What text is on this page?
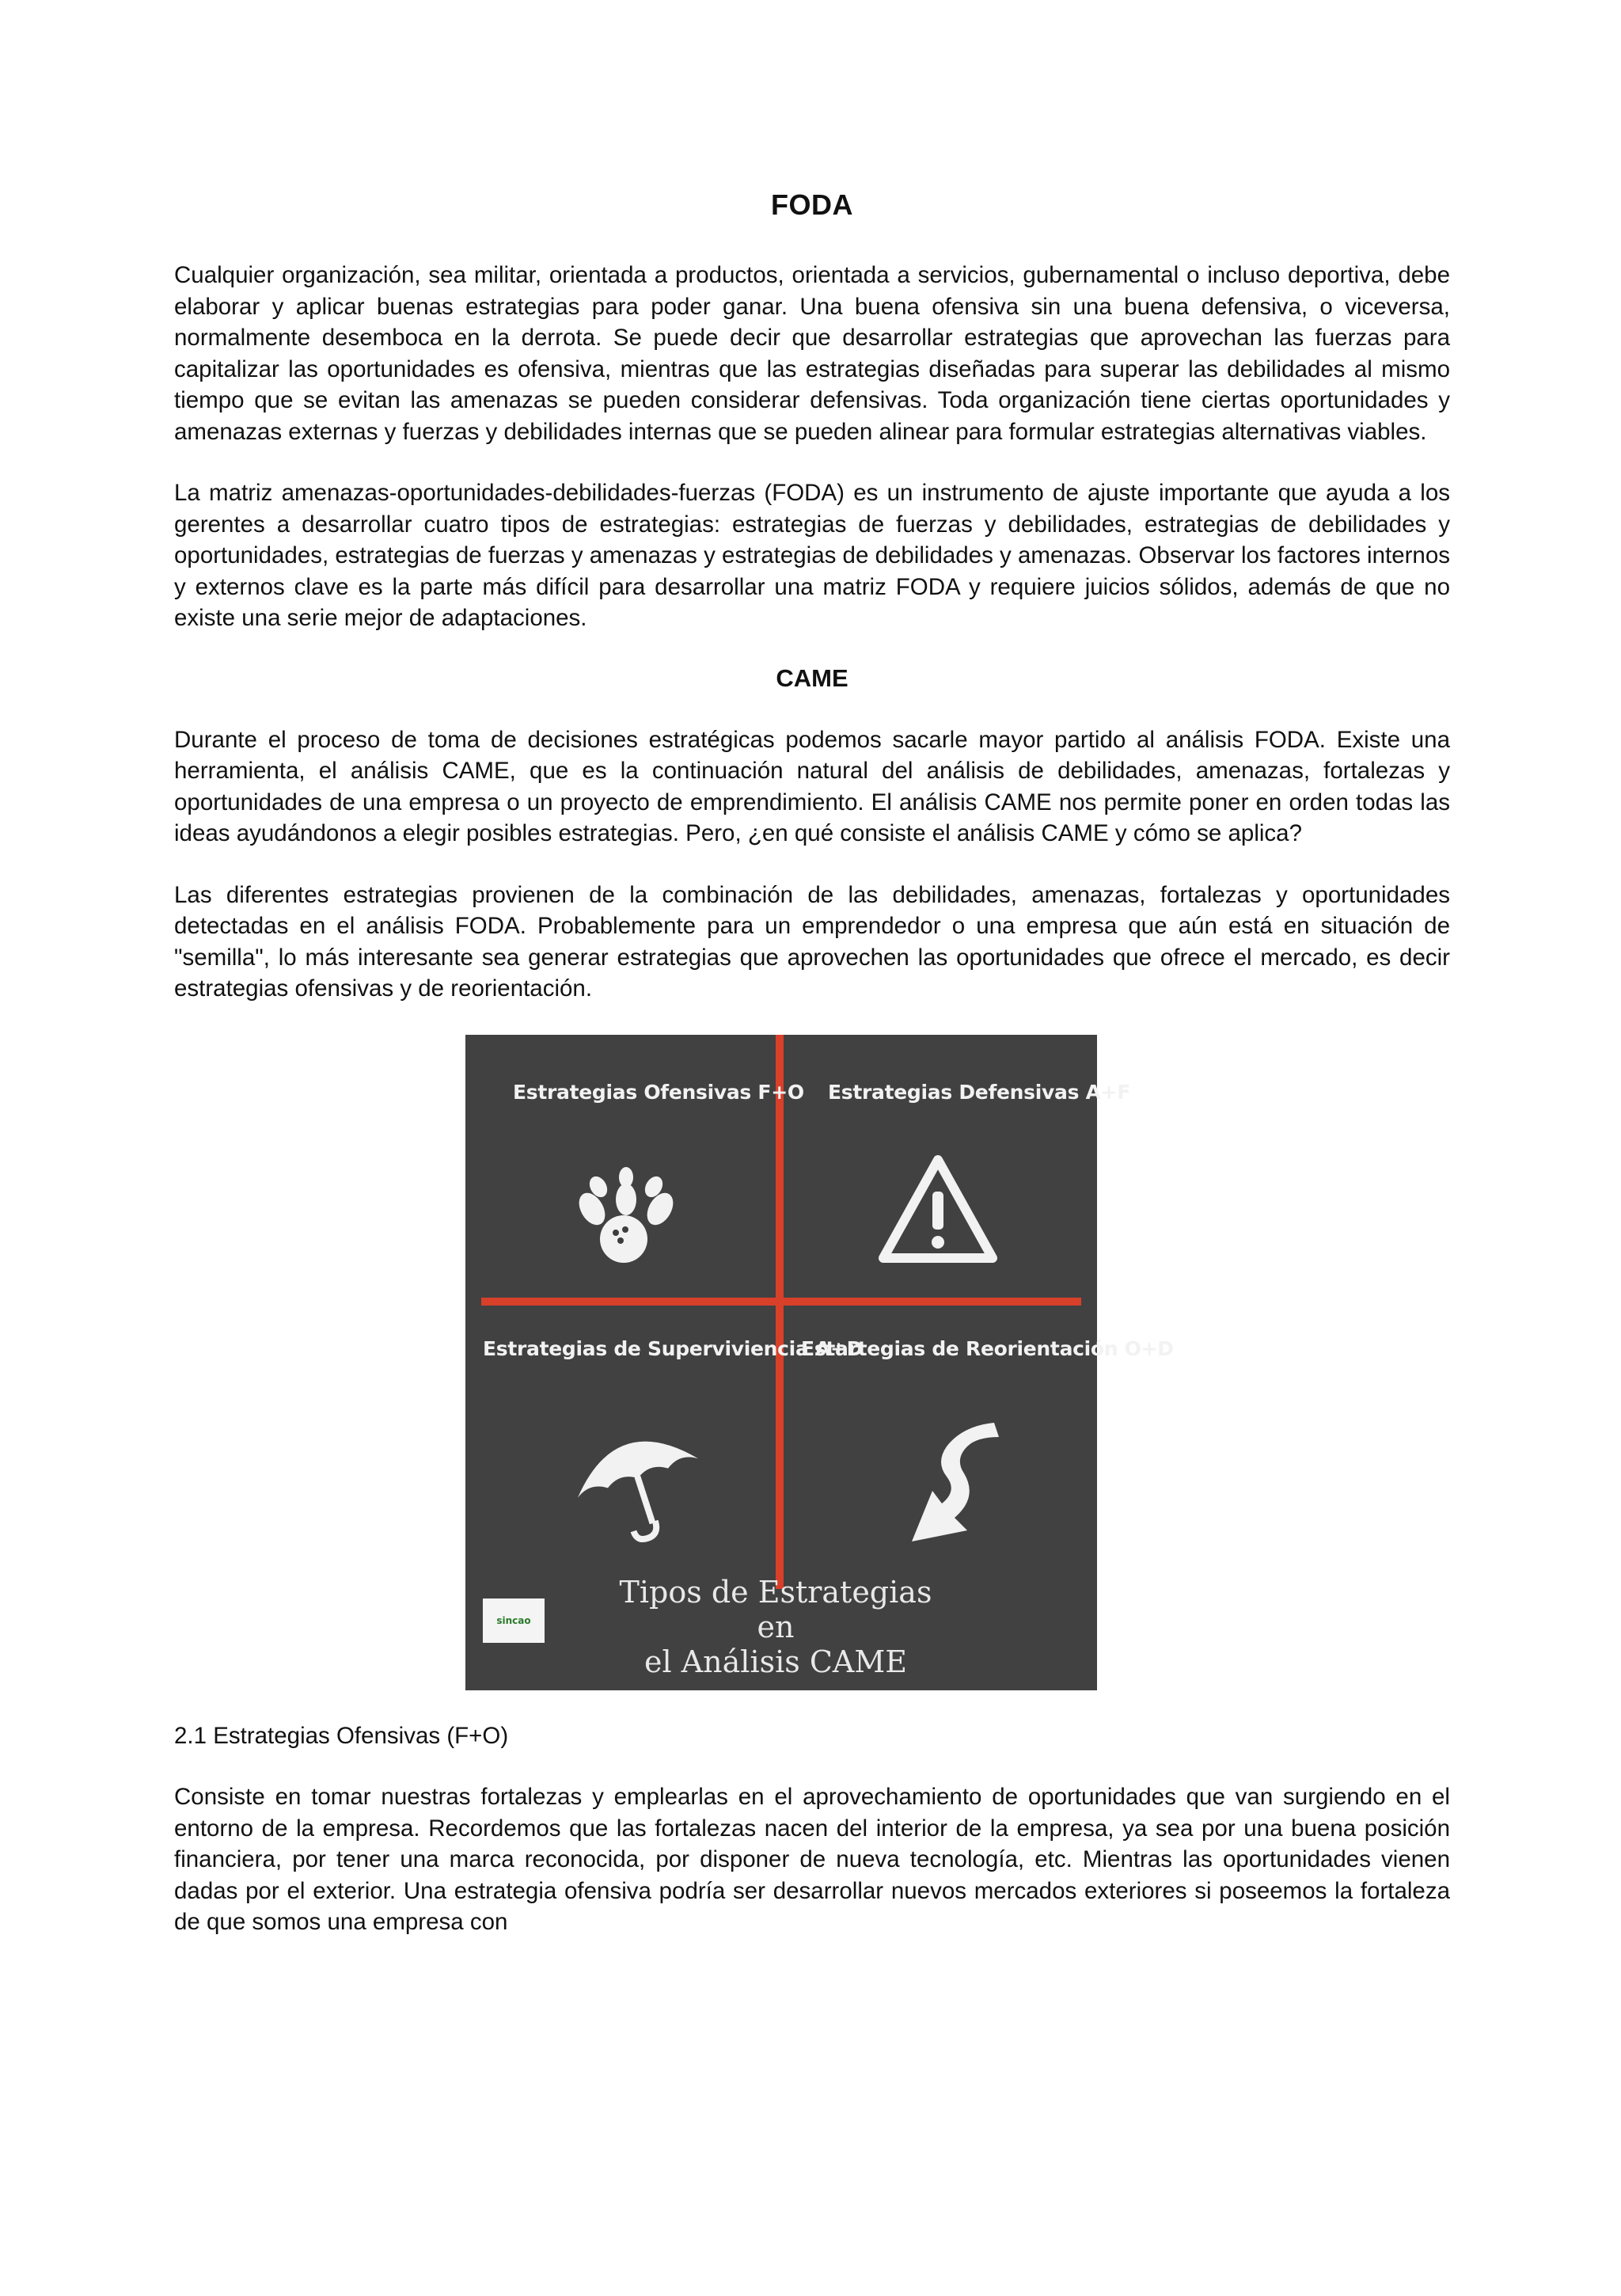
FODA

Cualquier organización, sea militar, orientada a productos, orientada a servicios, gubernamental o incluso deportiva, debe elaborar y aplicar buenas estrategias para poder ganar. Una buena ofensiva sin una buena defensiva, o viceversa, normalmente desemboca en la derrota. Se puede decir que desarrollar estrategias que aprovechan las fuerzas para capitalizar las oportunidades es ofensiva, mientras que las estrategias diseñadas para superar las debilidades al mismo tiempo que se evitan las amenazas se pueden considerar defensivas. Toda organización tiene ciertas oportunidades y amenazas externas y fuerzas y debilidades internas que se pueden alinear para formular estrategias alternativas viables.

La matriz amenazas-oportunidades-debilidades-fuerzas (FODA) es un instrumento de ajuste importante que ayuda a los gerentes a desarrollar cuatro tipos de estrategias: estrategias de fuerzas y debilidades, estrategias de debilidades y oportunidades, estrategias de fuerzas y amenazas y estrategias de debilidades y amenazas. Observar los factores internos y externos clave es la parte más difícil para desarrollar una matriz FODA y requiere juicios sólidos, además de que no existe una serie mejor de adaptaciones.

CAME

Durante el proceso de toma de decisiones estratégicas podemos sacarle mayor partido al análisis FODA. Existe una herramienta, el análisis CAME, que es la continuación natural del análisis de debilidades, amenazas, fortalezas y oportunidades de una empresa o un proyecto de emprendimiento. El análisis CAME nos permite poner en orden todas las ideas ayudándonos a elegir posibles estrategias. Pero, ¿en qué consiste el análisis CAME y cómo se aplica?

Las diferentes estrategias provienen de la combinación de las debilidades, amenazas, fortalezas y oportunidades detectadas en el análisis FODA. Probablemente para un emprendedor o una empresa que aún está en situación de "semilla", lo más interesante sea generar estrategias que aprovechen las oportunidades que ofrece el mercado, es decir estrategias ofensivas y de reorientación.

Estrategias Ofensivas F+O Estrategias Defensivas A+F
Estrategias de Superviviencia A+D
Estartegias de Reorientación O+D
sincao
Tipos de Estrategias en
el Análisis CAME

2.1 Estrategias Ofensivas (F+O)

Consiste en tomar nuestras fortalezas y emplearlas en el aprovechamiento de oportunidades que van surgiendo en el entorno de la empresa. Recordemos que las fortalezas nacen del interior de la empresa, ya sea por una buena posición financiera, por tener una marca reconocida, por disponer de nueva tecnología, etc. Mientras las oportunidades vienen dadas por el exterior. Una estrategia ofensiva podría ser desarrollar nuevos mercados exteriores si poseemos la fortaleza de que somos una empresa con
